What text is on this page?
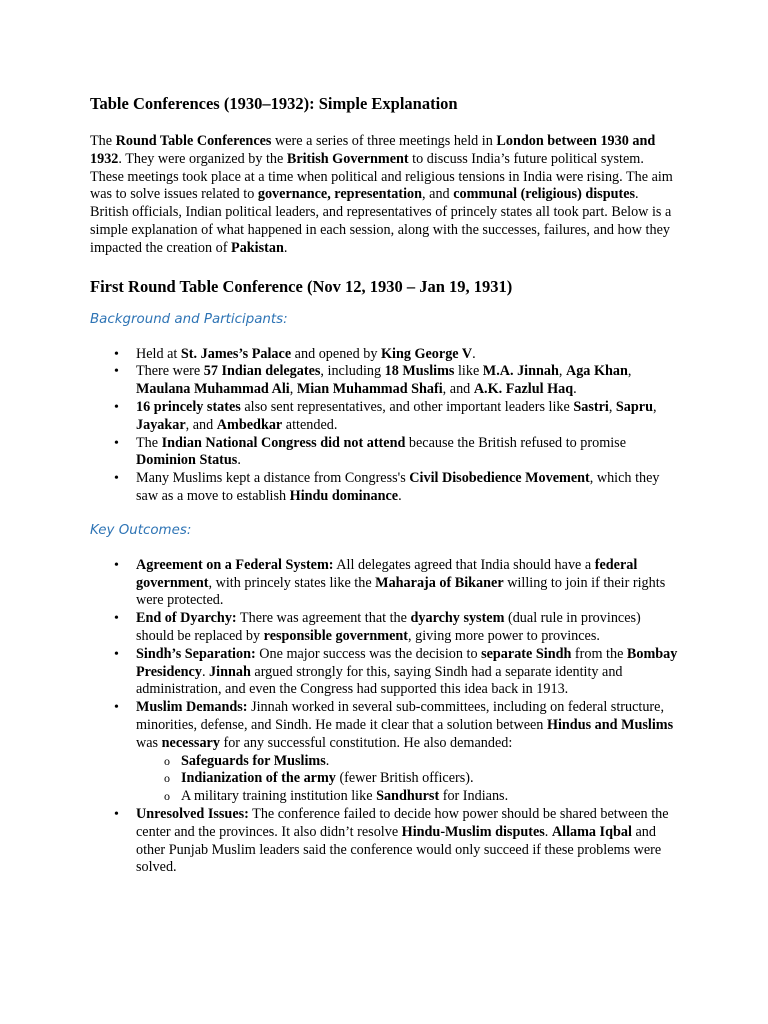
Table Conferences (1930–1932): Simple Explanation

The Round Table Conferences were a series of three meetings held in London between 1930 and 1932. They were organized by the British Government to discuss India’s future political system. These meetings took place at a time when political and religious tensions in India were rising. The aim was to solve issues related to governance, representation, and communal (religious) disputes. British officials, Indian political leaders, and representatives of princely states all took part. Below is a simple explanation of what happened in each session, along with the successes, failures, and how they impacted the creation of Pakistan.

First Round Table Conference (Nov 12, 1930 – Jan 19, 1931)
Background and Participants:
• Held at St. James’s Palace and opened by King George V.
• There were 57 Indian delegates, including 18 Muslims like M.A. Jinnah, Aga Khan, Maulana Muhammad Ali, Mian Muhammad Shafi, and A.K. Fazlul Haq.
• 16 princely states also sent representatives, and other important leaders like Sastri, Sapru, Jayakar, and Ambedkar attended.
• The Indian National Congress did not attend because the British refused to promise Dominion Status.
• Many Muslims kept a distance from Congress's Civil Disobedience Movement, which they saw as a move to establish Hindu dominance.
Key Outcomes:
• Agreement on a Federal System: All delegates agreed that India should have a federal government, with princely states like the Maharaja of Bikaner willing to join if their rights were protected.
• End of Dyarchy: There was agreement that the dyarchy system (dual rule in provinces) should be replaced by responsible government, giving more power to provinces.
• Sindh’s Separation: One major success was the decision to separate Sindh from the Bombay Presidency. Jinnah argued strongly for this, saying Sindh had a separate identity and administration, and even the Congress had supported this idea back in 1913.
• Muslim Demands: Jinnah worked in several sub-committees, including on federal structure, minorities, defense, and Sindh. He made it clear that a solution between Hindus and Muslims was necessary for any successful constitution. He also demanded:
o Safeguards for Muslims.
o Indianization of the army (fewer British officers).
o A military training institution like Sandhurst for Indians.
• Unresolved Issues: The conference failed to decide how power should be shared between the center and the provinces. It also didn’t resolve Hindu-Muslim disputes. Allama Iqbal and other Punjab Muslim leaders said the conference would only succeed if these problems were solved.
